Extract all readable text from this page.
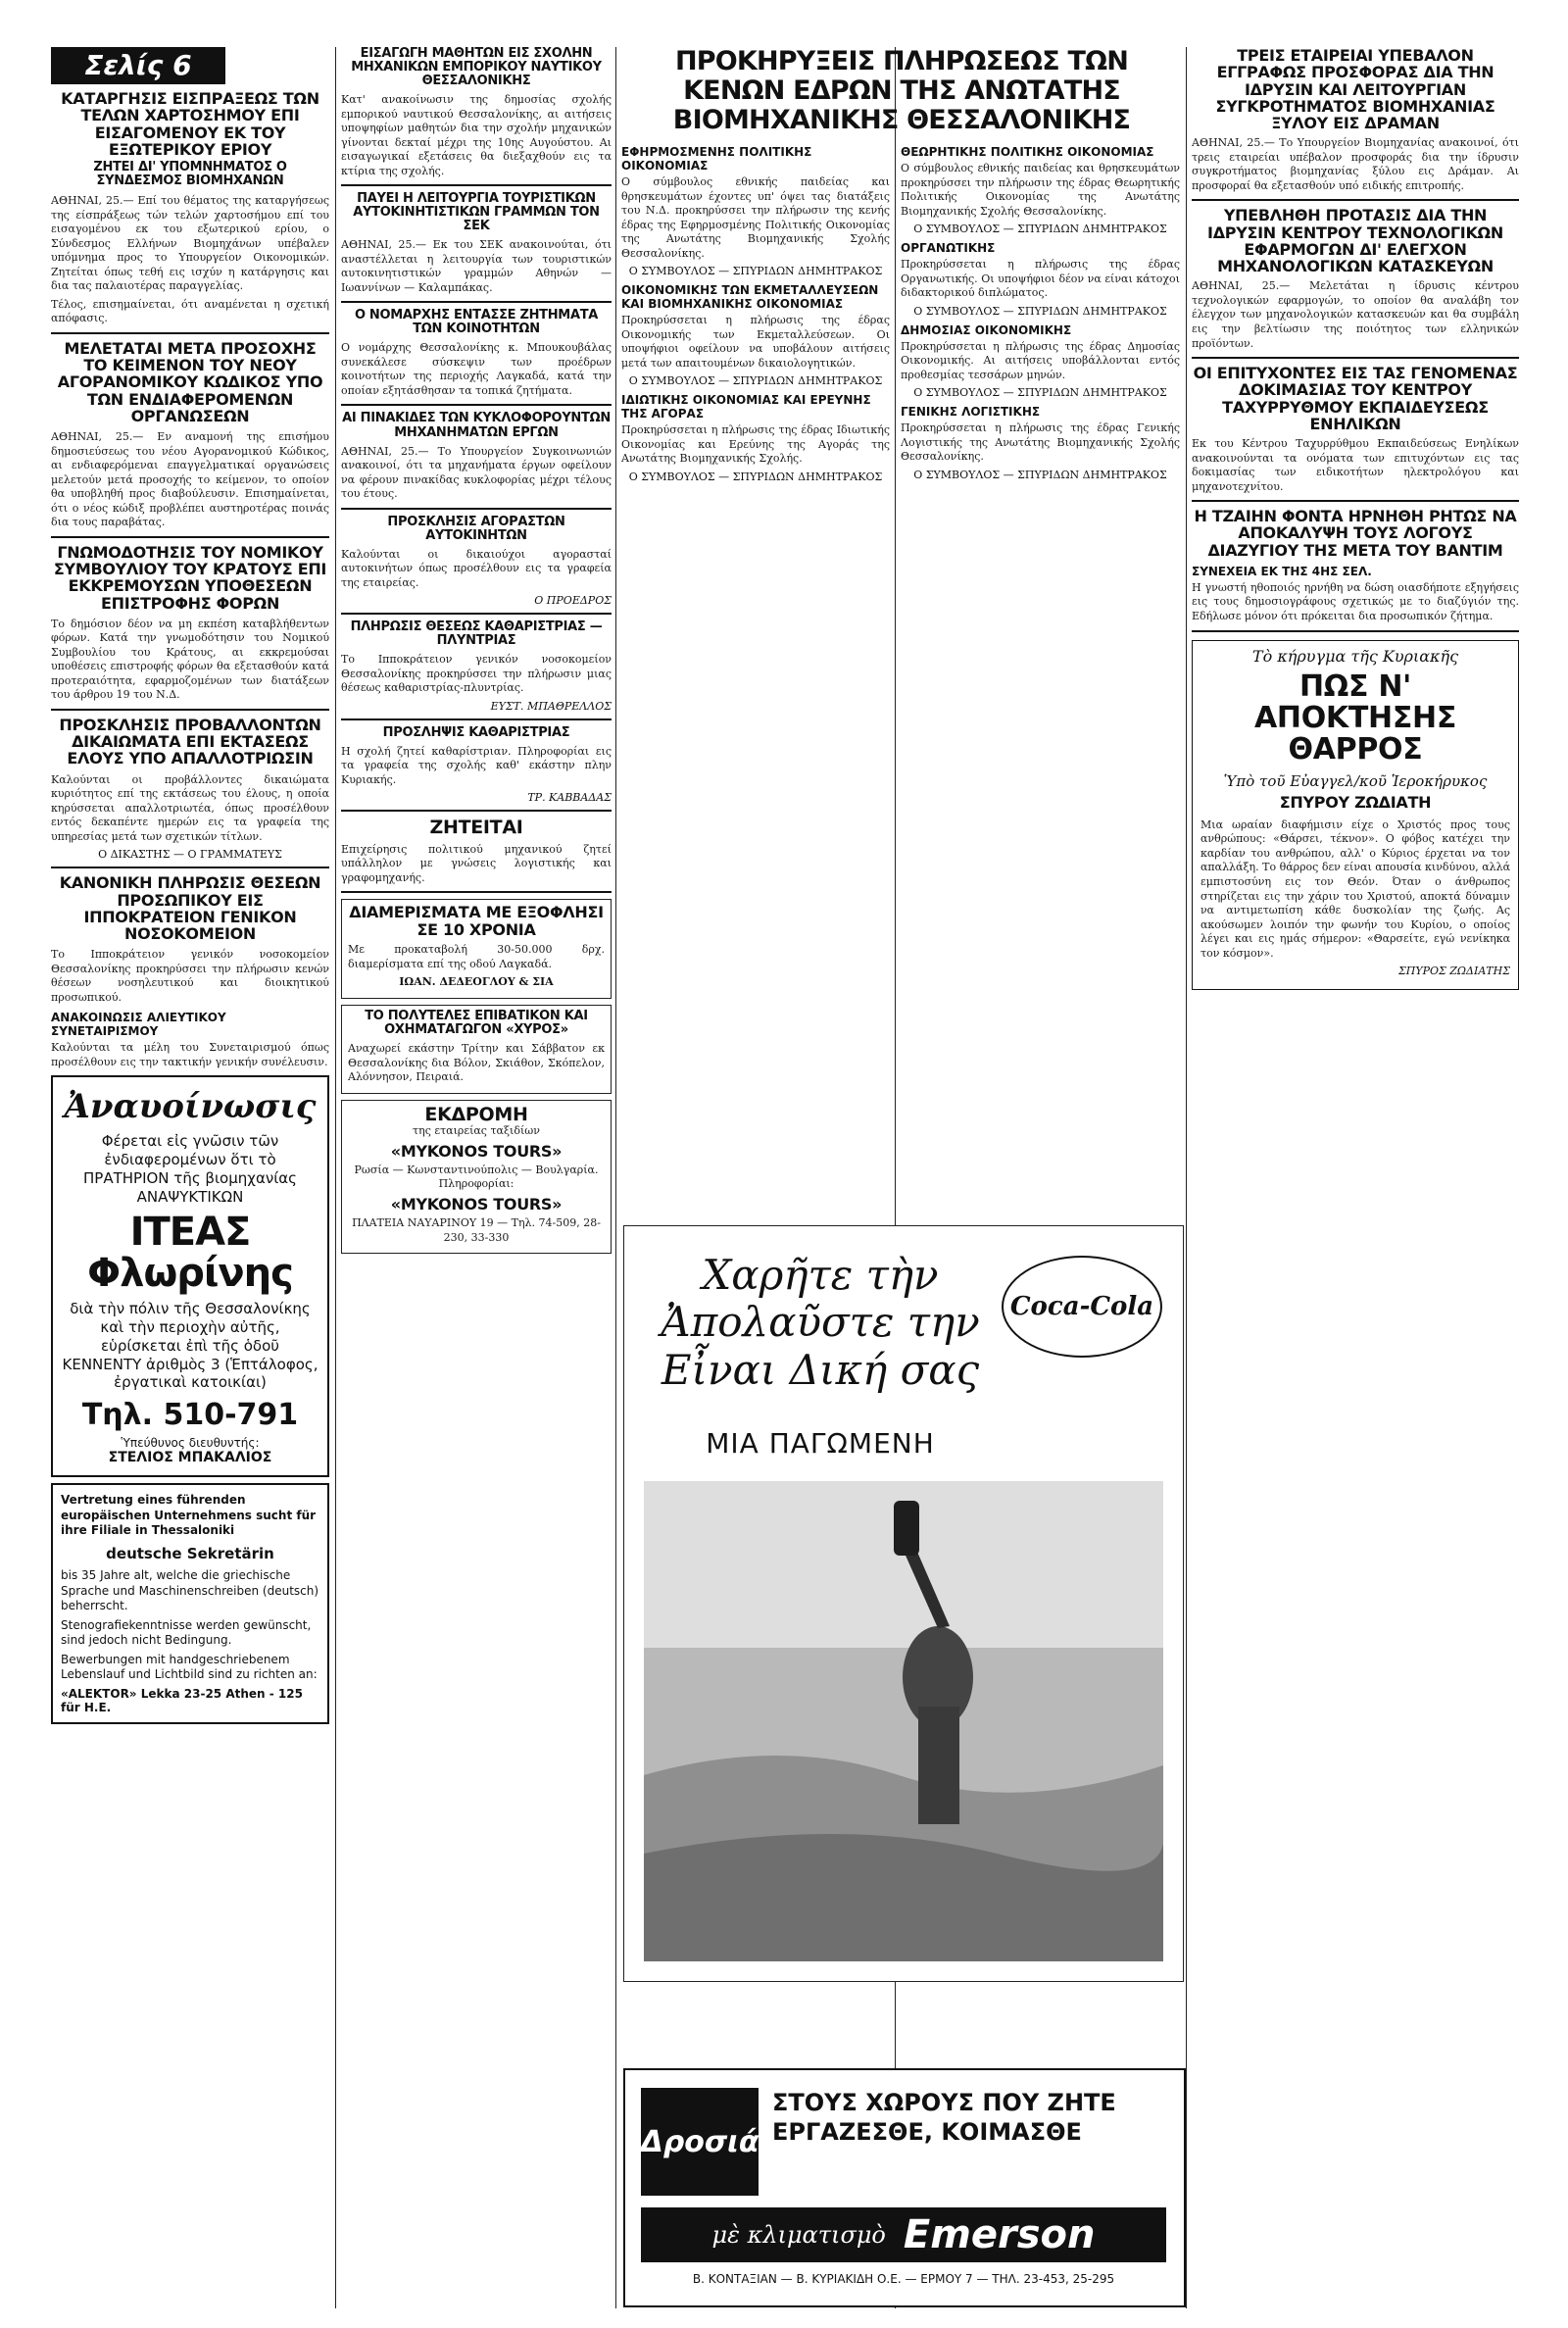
Σελίς 6
ΚΑΤΑΡΓΗΣΙΣ ΕΙΣΠΡΑΞΕΩΣ ΤΩΝ ΤΕΛΩΝ ΧΑΡΤΟΣΗΜΟΥ ΕΠΙ ΕΙΣΑΓΟΜΕΝΟΥ ΕΚ ΤΟΥ ΕΞΩΤΕΡΙΚΟΥ ΕΡΙΟΥ
ΖΗΤΕΙ ΔΙ' ΥΠΟΜΝΗΜΑΤΟΣ Ο ΣΥΝΔΕΣΜΟΣ ΒΙΟΜΗΧΑΝΩΝ

ΑΘΗΝΑΙ, 25.— Επί του θέματος της καταργήσεως της είσπράξεως τών τελών χαρτοσήμου επί του εισαγομένου εκ του εξωτερικού ερίου, ο Σύνδεσμος Ελλήνων Βιομηχάνων υπέβαλεν υπόμνημα προς το Υπουργείον Οικονομικών. Ζητείται όπως τεθή εις ισχύν η κατάργησις και δια τας παλαιοτέρας παραγγελίας.

Τέλος, επισημαίνεται, ότι αναμένεται η σχετική απόφασις.

ΜΕΛΕΤΑΤΑΙ ΜΕΤΑ ΠΡΟΣΟΧΗΣ ΤΟ ΚΕΙΜΕΝΟΝ ΤΟΥ ΝΕΟΥ ΑΓΟΡΑΝΟΜΙΚΟΥ ΚΩΔΙΚΟΣ ΥΠΟ ΤΩΝ ΕΝΔΙΑΦΕΡΟΜΕΝΩΝ ΟΡΓΑΝΩΣΕΩΝ

ΑΘΗΝΑΙ, 25.— Εν αναμονή της επισήμου δημοσιεύσεως του νέου Αγορανομικού Κώδικος, αι ενδιαφερόμεναι επαγγελματικαί οργανώσεις μελετούν μετά προσοχής το κείμενον, το οποίον θα υποβληθή προς διαβούλευσιν. Επισημαίνεται, ότι ο νέος κώδιξ προβλέπει αυστηροτέρας ποινάς δια τους παραβάτας.

ΓΝΩΜΟΔΟΤΗΣΙΣ ΤΟΥ ΝΟΜΙΚΟΥ ΣΥΜΒΟΥΛΙΟΥ ΤΟΥ ΚΡΑΤΟΥΣ ΕΠΙ ΕΚΚΡΕΜΟΥΣΩΝ ΥΠΟΘΕΣΕΩΝ ΕΠΙΣΤΡΟΦΗΣ ΦΟΡΩΝ

Το δημόσιον δέον να μη εκπέση καταβλήθεντων φόρων. Κατά την γνωμοδότησιν του Νομικού Συμβουλίου του Κράτους, αι εκκρεμούσαι υποθέσεις επιστροφής φόρων θα εξετασθούν κατά προτεραιότητα, εφαρμοζομένων των διατάξεων του άρθρου 19 του Ν.Δ.

ΠΡΟΣΚΛΗΣΙΣ ΠΡΟΒΑΛΛΟΝΤΩΝ ΔΙΚΑΙΩΜΑΤΑ ΕΠΙ ΕΚΤΑΣΕΩΣ ΕΛΟΥΣ ΥΠΟ ΑΠΑΛΛΟΤΡΙΩΣΙΝ

Καλούνται οι προβάλλοντες δικαιώματα κυριότητος επί της εκτάσεως του έλους, η οποία κηρύσσεται απαλλοτριωτέα, όπως προσέλθουν εντός δεκαπέντε ημερών εις τα γραφεία της υπηρεσίας μετά των σχετικών τίτλων.

Ο ΔΙΚΑΣΤΗΣ — Ο ΓΡΑΜΜΑΤΕΥΣ
ΚΑΝΟΝΙΚΗ ΠΛΗΡΩΣΙΣ ΘΕΣΕΩΝ ΠΡΟΣΩΠΙΚΟΥ ΕΙΣ ΙΠΠΟΚΡΑΤΕΙΟΝ ΓΕΝΙΚΟΝ ΝΟΣΟΚΟΜΕΙΟΝ

Το Ιπποκράτειον γενικόν νοσοκομείον Θεσσαλονίκης προκηρύσσει την πλήρωσιν κενών θέσεων νοσηλευτικού και διοικητικού προσωπικού.

ΑΝΑΚΟΙΝΩΣΙΣ ΑΛΙΕΥΤΙΚΟΥ ΣΥΝΕΤΑΙΡΙΣΜΟΥ

Καλούνται τα μέλη του Συνεταιρισμού όπως προσέλθουν εις την τακτικήν γενικήν συνέλευσιν.

Ἀναυοίνωσις
Φέρεται εἰς γνῶσιν τῶν ἐνδιαφερομένων ὅτι τὸ ΠΡΑΤΗΡΙΟΝ τῆς βιομηχανίας ΑΝΑΨΥΚΤΙΚΩΝ
ΙΤΕΑΣ Φλωρίνης
διὰ τὴν πόλιν τῆς Θεσσαλονίκης καὶ τὴν περιοχὴν αὐτῆς, εὑρίσκεται ἐπὶ τῆς ὁδοῦ ΚΕΝΝΕΝΤΥ ἀριθμὸς 3 (Ἑπτάλοφος, ἐργατικαὶ κατοικίαι)
Τηλ. 510-791
Ὑπεύθυνος διευθυντής:
ΣΤΕΛΙΟΣ ΜΠΑΚΑΛΙΟΣ
Vertretung eines führenden europäischen Unternehmens sucht für ihre Filiale in Thessaloniki
deutsche Sekretärin
bis 35 Jahre alt, welche die griechische Sprache und Maschinenschreiben (deutsch) beherrscht.
Stenografiekenntnisse werden gewünscht, sind jedoch nicht Bedingung.
Bewerbungen mit handgeschriebenem Lebenslauf und Lichtbild sind zu richten an:
«ALEKTOR» Lekka 23-25 Athen - 125 für H.E.
ΕΙΣΑΓΩΓΗ ΜΑΘΗΤΩΝ ΕΙΣ ΣΧΟΛΗΝ ΜΗΧΑΝΙΚΩΝ ΕΜΠΟΡΙΚΟΥ ΝΑΥΤΙΚΟΥ ΘΕΣΣΑΛΟΝΙΚΗΣ

Κατ' ανακοίνωσιν της δημοσίας σχολής εμπορικού ναυτικού Θεσσαλονίκης, αι αιτήσεις υποψηφίων μαθητών δια την σχολήν μηχανικών γίνονται δεκταί μέχρι της 10ης Αυγούστου. Αι εισαγωγικαί εξετάσεις θα διεξαχθούν εις τα κτίρια της σχολής.

ΠΑΥΕΙ Η ΛΕΙΤΟΥΡΓΙΑ ΤΟΥΡΙΣΤΙΚΩΝ ΑΥΤΟΚΙΝΗΤΙΣΤΙΚΩΝ ΓΡΑΜΜΩΝ ΤΟΝ ΣΕΚ

ΑΘΗΝΑΙ, 25.— Εκ του ΣΕΚ ανακοινούται, ότι αναστέλλεται η λειτουργία των τουριστικών αυτοκινητιστικών γραμμών Αθηνών — Ιωαννίνων — Καλαμπάκας.

Ο ΝΟΜΑΡΧΗΣ ΕΝΤΑΣΣΕ ΖΗΤΗΜΑΤΑ ΤΩΝ ΚΟΙΝΟΤΗΤΩΝ

Ο νομάρχης Θεσσαλονίκης κ. Μπουκουβάλας συνεκάλεσε σύσκεψιν των προέδρων κοινοτήτων της περιοχής Λαγκαδά, κατά την οποίαν εξητάσθησαν τα τοπικά ζητήματα.

ΑΙ ΠΙΝΑΚΙΔΕΣ ΤΩΝ ΚΥΚΛΟΦΟΡΟΥΝΤΩΝ ΜΗΧΑΝΗΜΑΤΩΝ ΕΡΓΩΝ

ΑΘΗΝΑΙ, 25.— Το Υπουργείον Συγκοινωνιών ανακοινοί, ότι τα μηχανήματα έργων οφείλουν να φέρουν πινακίδας κυκλοφορίας μέχρι τέλους του έτους.

ΠΡΟΣΚΛΗΣΙΣ ΑΓΟΡΑΣΤΩΝ ΑΥΤΟΚΙΝΗΤΩΝ

Καλούνται οι δικαιούχοι αγορασταί αυτοκινήτων όπως προσέλθουν εις τα γραφεία της εταιρείας.

Ο ΠΡΟΕΔΡΟΣ
ΠΛΗΡΩΣΙΣ ΘΕΣΕΩΣ ΚΑΘΑΡΙΣΤΡΙΑΣ — ΠΛΥΝΤΡΙΑΣ

Το Ιπποκράτειον γενικόν νοσοκομείον Θεσσαλονίκης προκηρύσσει την πλήρωσιν μιας θέσεως καθαριστρίας-πλυντρίας.

ΕΥΣΤ. ΜΠΑΘΡΕΛΛΟΣ
ΠΡΟΣΛΗΨΙΣ ΚΑΘΑΡΙΣΤΡΙΑΣ

Η σχολή ζητεί καθαρίστριαν. Πληροφορίαι εις τα γραφεία της σχολής καθ' εκάστην πλην Κυριακής.

ΤΡ. ΚΑΒΒΑΔΑΣ
ΖΗΤΕΙΤΑΙ

Επιχείρησις πολιτικού μηχανικού ζητεί υπάλληλον με γνώσεις λογιστικής και γραφομηχανής.

ΔΙΑΜΕΡΙΣΜΑΤΑ ΜΕ ΕΞΟΦΛΗΣΙ ΣΕ 10 ΧΡΟΝΙΑ

Με προκαταβολή 30-50.000 δρχ. διαμερίσματα επί της οδού Λαγκαδά.

ΙΩΑΝ. ΔΕΔΕΟΓΛΟΥ & ΣΙΑ
ΤΟ ΠΟΛΥΤΕΛΕΣ ΕΠΙΒΑΤΙΚΟΝ ΚΑΙ ΟΧΗΜΑΤΑΓΩΓΟΝ «ΧΥΡΟΣ»

Αναχωρεί εκάστην Τρίτην και Σάββατον εκ Θεσσαλονίκης δια Βόλον, Σκιάθον, Σκόπελον, Αλόννησον, Πειραιά.

ΕΚΔΡΟΜΗ
της εταιρείας ταξιδίων
«MYKONOS TOURS»
Ρωσία — Κωνσταντινούπολις — Βουλγαρία. Πληροφορίαι:
«MYKONOS TOURS»
ΠΛΑΤΕΙΑ ΝΑΥΑΡΙΝΟΥ 19 — Τηλ. 74-509, 28-230, 33-330
ΠΡΟΚΗΡΥΞΕΙΣ ΠΛΗΡΩΣΕΩΣ ΤΩΝ ΚΕΝΩΝ ΕΔΡΩΝ ΤΗΣ ΑΝΩΤΑΤΗΣ ΒΙΟΜΗΧΑΝΙΚΗΣ ΘΕΣΣΑΛΟΝΙΚΗΣ
ΕΦΗΡΜΟΣΜΕΝΗΣ ΠΟΛΙΤΙΚΗΣ ΟΙΚΟΝΟΜΙΑΣ

Ο σύμβουλος εθνικής παιδείας και θρησκευμάτων έχοντες υπ' όψει τας διατάξεις του Ν.Δ. προκηρύσσει την πλήρωσιν της κενής έδρας της Εφηρμοσμένης Πολιτικής Οικονομίας της Ανωτάτης Βιομηχανικής Σχολής Θεσσαλονίκης.

Ο ΣΥΜΒΟΥΛΟΣ — ΣΠΥΡΙΔΩΝ ΔΗΜΗΤΡΑΚΟΣ
ΟΙΚΟΝΟΜΙΚΗΣ ΤΩΝ ΕΚΜΕΤΑΛΛΕΥΣΕΩΝ ΚΑΙ ΒΙΟΜΗΧΑΝΙΚΗΣ ΟΙΚΟΝΟΜΙΑΣ

Προκηρύσσεται η πλήρωσις της έδρας Οικονομικής των Εκμεταλλεύσεων. Οι υποψήφιοι οφείλουν να υποβάλουν αιτήσεις μετά των απαιτουμένων δικαιολογητικών.

Ο ΣΥΜΒΟΥΛΟΣ — ΣΠΥΡΙΔΩΝ ΔΗΜΗΤΡΑΚΟΣ
ΙΔΙΩΤΙΚΗΣ ΟΙΚΟΝΟΜΙΑΣ ΚΑΙ ΕΡΕΥΝΗΣ ΤΗΣ ΑΓΟΡΑΣ

Προκηρύσσεται η πλήρωσις της έδρας Ιδιωτικής Οικονομίας και Ερεύνης της Αγοράς της Ανωτάτης Βιομηχανικής Σχολής.

Ο ΣΥΜΒΟΥΛΟΣ — ΣΠΥΡΙΔΩΝ ΔΗΜΗΤΡΑΚΟΣ
ΘΕΩΡΗΤΙΚΗΣ ΠΟΛΙΤΙΚΗΣ ΟΙΚΟΝΟΜΙΑΣ

Ο σύμβουλος εθνικής παιδείας και θρησκευμάτων προκηρύσσει την πλήρωσιν της έδρας Θεωρητικής Πολιτικής Οικονομίας της Ανωτάτης Βιομηχανικής Σχολής Θεσσαλονίκης.

Ο ΣΥΜΒΟΥΛΟΣ — ΣΠΥΡΙΔΩΝ ΔΗΜΗΤΡΑΚΟΣ
ΟΡΓΑΝΩΤΙΚΗΣ

Προκηρύσσεται η πλήρωσις της έδρας Οργανωτικής. Οι υποψήφιοι δέον να είναι κάτοχοι διδακτορικού διπλώματος.

Ο ΣΥΜΒΟΥΛΟΣ — ΣΠΥΡΙΔΩΝ ΔΗΜΗΤΡΑΚΟΣ
ΔΗΜΟΣΙΑΣ ΟΙΚΟΝΟΜΙΚΗΣ

Προκηρύσσεται η πλήρωσις της έδρας Δημοσίας Οικονομικής. Αι αιτήσεις υποβάλλονται εντός προθεσμίας τεσσάρων μηνών.

Ο ΣΥΜΒΟΥΛΟΣ — ΣΠΥΡΙΔΩΝ ΔΗΜΗΤΡΑΚΟΣ
ΓΕΝΙΚΗΣ ΛΟΓΙΣΤΙΚΗΣ

Προκηρύσσεται η πλήρωσις της έδρας Γενικής Λογιστικής της Ανωτάτης Βιομηχανικής Σχολής Θεσσαλονίκης.

Ο ΣΥΜΒΟΥΛΟΣ — ΣΠΥΡΙΔΩΝ ΔΗΜΗΤΡΑΚΟΣ
Χαρῆτε τὴν
Ἀπολαῦστε την
Εἶναι Δική σας
ΜΙΑ ΠΑΓΩΜΕΝΗ
Coca-Cola
Δροσιά
ΣΤΟΥΣ ΧΩΡΟΥΣ ΠΟΥ ΖΗΤΕ
ΕΡΓΑΖΕΣΘΕ, ΚΟΙΜΑΣΘΕ
μὲ κλιματισμὸ Emerson
Β. ΚΟΝΤΑΞΙΑΝ — Β. ΚΥΡΙΑΚΙΔΗ Ο.Ε. — ΕΡΜΟΥ 7 — ΤΗΛ. 23-453, 25-295
ΤΡΕΙΣ ΕΤΑΙΡΕΙΑΙ ΥΠΕΒΑΛΟΝ ΕΓΓΡΑΦΩΣ ΠΡΟΣΦΟΡΑΣ ΔΙΑ ΤΗΝ ΙΔΡΥΣΙΝ ΚΑΙ ΛΕΙΤΟΥΡΓΙΑΝ ΣΥΓΚΡΟΤΗΜΑΤΟΣ ΒΙΟΜΗΧΑΝΙΑΣ ΞΥΛΟΥ ΕΙΣ ΔΡΑΜΑΝ

ΑΘΗΝΑΙ, 25.— Το Υπουργείον Βιομηχανίας ανακοινοί, ότι τρεις εταιρείαι υπέβαλον προσφοράς δια την ίδρυσιν συγκροτήματος βιομηχανίας ξύλου εις Δράμαν. Αι προσφοραί θα εξετασθούν υπό ειδικής επιτροπής.

ΥΠΕΒΛΗΘΗ ΠΡΟΤΑΣΙΣ ΔΙΑ ΤΗΝ ΙΔΡΥΣΙΝ ΚΕΝΤΡΟΥ ΤΕΧΝΟΛΟΓΙΚΩΝ ΕΦΑΡΜΟΓΩΝ ΔΙ' ΕΛΕΓΧΟΝ ΜΗΧΑΝΟΛΟΓΙΚΩΝ ΚΑΤΑΣΚΕΥΩΝ

ΑΘΗΝΑΙ, 25.— Μελετάται η ίδρυσις κέντρου τεχνολογικών εφαρμογών, το οποίον θα αναλάβη τον έλεγχον των μηχανολογικών κατασκευών και θα συμβάλη εις την βελτίωσιν της ποιότητος των ελληνικών προϊόντων.

ΟΙ ΕΠΙΤΥΧΟΝΤΕΣ ΕΙΣ ΤΑΣ ΓΕΝΟΜΕΝΑΣ ΔΟΚΙΜΑΣΙΑΣ ΤΟΥ ΚΕΝΤΡΟΥ ΤΑΧΥΡΡΥΘΜΟΥ ΕΚΠΑΙΔΕΥΣΕΩΣ ΕΝΗΛΙΚΩΝ

Εκ του Κέντρου Ταχυρρύθμου Εκπαιδεύσεως Ενηλίκων ανακοινούνται τα ονόματα των επιτυχόντων εις τας δοκιμασίας των ειδικοτήτων ηλεκτρολόγου και μηχανοτεχνίτου.

Η ΤΖΑΙΗΝ ΦΟΝΤΑ ΗΡΝΗΘΗ ΡΗΤΩΣ ΝΑ ΑΠΟΚΑΛΥΨΗ ΤΟΥΣ ΛΟΓΟΥΣ ΔΙΑΖΥΓΙΟΥ ΤΗΣ ΜΕΤΑ ΤΟΥ ΒΑΝΤΙΜ
ΣΥΝΕΧΕΙΑ ΕΚ ΤΗΣ 4ΗΣ ΣΕΛ.

Η γνωστή ηθοποιός ηρνήθη να δώση οιασδήποτε εξηγήσεις εις τους δημοσιογράφους σχετικώς με το διαζύγιόν της. Εδήλωσε μόνον ότι πρόκειται δια προσωπικόν ζήτημα.

Τὸ κήρυγμα τῆς Κυριακῆς
ΠΩΣ Ν' ΑΠΟΚΤΗΣΗΣ ΘΑΡΡΟΣ
Ὑπὸ τοῦ Εὐαγγελ/κοῦ Ἱεροκήρυκος
ΣΠΥΡΟΥ ΖΩΔΙΑΤΗ

Μια ωραίαν διαφήμισιν είχε ο Χριστός προς τους ανθρώπους: «Θάρσει, τέκνον». Ο φόβος κατέχει την καρδίαν του ανθρώπου, αλλ' ο Κύριος έρχεται να τον απαλλάξη. Το θάρρος δεν είναι απουσία κινδύνου, αλλά εμπιστοσύνη εις τον Θεόν. Όταν ο άνθρωπος στηρίζεται εις την χάριν του Χριστού, αποκτά δύναμιν να αντιμετωπίση κάθε δυσκολίαν της ζωής. Ας ακούσωμεν λοιπόν την φωνήν του Κυρίου, ο οποίος λέγει και εις ημάς σήμερον: «Θαρσείτε, εγώ νενίκηκα τον κόσμον».

ΣΠΥΡΟΣ ΖΩΔΙΑΤΗΣ
